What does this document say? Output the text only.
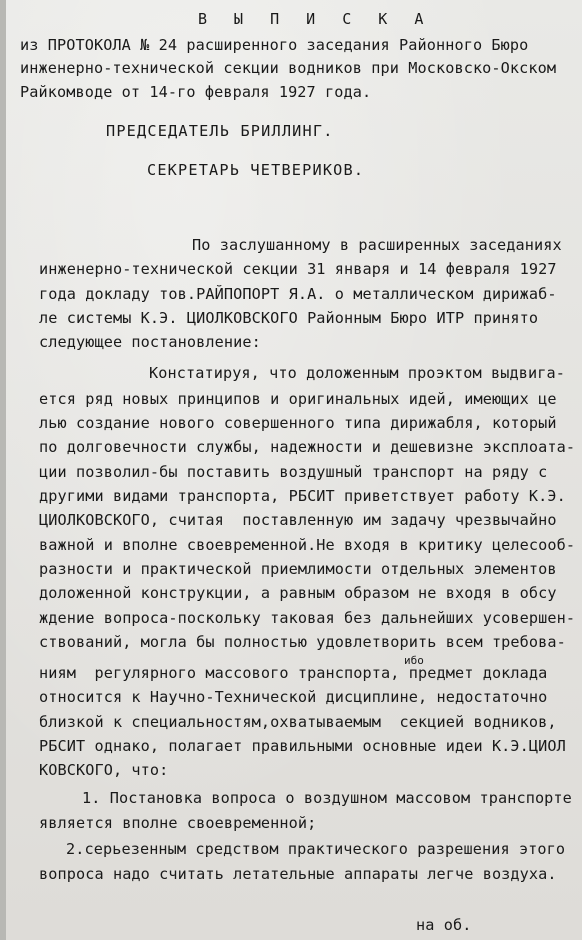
В Ы П И С К А
из ПРОТОКОЛА № 24 расширенного заседания Районного Бюро
инженерно-технической секции водников при Московско-Окском
Райкомводе от 14-го февраля 1927 года.
ПРЕДСЕДАТЕЛЬ БРИЛЛИНГ.
СЕКРЕТАРЬ ЧЕТВЕРИКОВ.
По заслушанному в расширенных заседаниях
инженерно-технической секции 31 января и 14 февраля 1927
года докладу тов.РАЙПОПОРТ Я.А. о металлическом дирижаб-
ле системы К.Э. ЦИОЛКОВСКОГО Районным Бюро ИТР принято
следующее постановление:
Констатируя, что доложенным проэктом выдвига-
ется ряд новых принципов и оригинальных идей, имеющих це
лью создание нового совершенного типа дирижабля, который
по долговечности службы, надежности и дешевизне эксплоата-
ции позволил-бы поставить воздушный транспорт на ряду с
другими видами транспорта, РБСИТ приветствует работу К.Э.
ЦИОЛКОВСКОГО, считая  поставленную им задачу чрезвычайно
важной и вполне своевременной.Не входя в критику целесооб-
разности и практической приемлимости отдельных элементов
доложенной конструкции, а равным образом не входя в обсу
ждение вопроса-поскольку таковая без дальнейших усовершен-
ствований, могла бы полностью удовлетворить всем требова-
ибо
ниям  регулярного массового транспорта, предмет доклада
относится к Научно-Технической дисциплине, недостаточно
близкой к специальностям,охватываемым  секцией водников,
РБСИТ однако, полагает правильными основные идеи К.Э.ЦИОЛ
КОВСКОГО, что:
1. Постановка вопроса о воздушном массовом транспорте
является вполне своевременной;
2.серьезенным средством практического разрешения этого
вопроса надо считать летательные аппараты легче воздуха.
на об.
